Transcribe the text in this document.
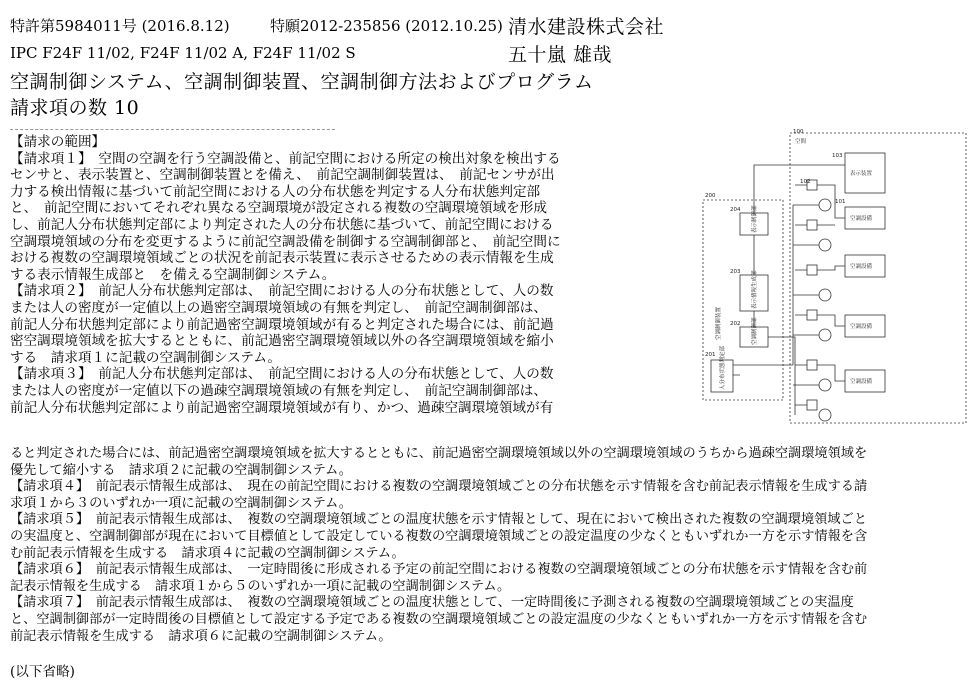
特許第5984011号 (2016.8.12)	特願2012-235856 (2012.10.25) 清水建設株式会社
IPC F24F 11/02, F24F 11/02 A, F24F 11/02 S	五十嵐 雄哉
空調制御システム、空調制御装置、空調制御方法およびプログラム
請求項の数 10

【請求の範囲】

【請求項１】　空間の空調を行う空調設備と、前記空間における所定の検出対象を検出する

センサと、表示装置と、空調制御装置とを備え、　前記空調制御装置は、　前記センサが出

力する検出情報に基づいて前記空間における人の分布状態を判定する人分布状態判定部

と、　前記空間においてそれぞれ異なる空調環境が設定される複数の空調環境領域を形成

し、前記人分布状態判定部により判定された人の分布状態に基づいて、前記空間における

空調環境領域の分布を変更するように前記空調設備を制御する空調制御部と、　前記空間に

おける複数の空調環境領域ごとの状況を前記表示装置に表示させるための表示情報を生成

する表示情報生成部と　を備える空調制御システム。

【請求項２】　前記人分布状態判定部は、　前記空間における人の分布状態として、人の数

または人の密度が一定値以上の過密空調環境領域の有無を判定し、　前記空調制御部は、

前記人分布状態判定部により前記過密空調環境領域が有ると判定された場合には、前記過

密空調環境領域を拡大するとともに、前記過密空調環境領域以外の各空調環境領域を縮小

する　請求項１に記載の空調制御システム。

【請求項３】　前記人分布状態判定部は、　前記空間における人の分布状態として、人の数

または人の密度が一定値以下の過疎空調環境領域の有無を判定し、　前記空調制御部は、

前記人分布状態判定部により前記過密空調環境領域が有り、かつ、過疎空調環境領域が有

ると判定された場合には、前記過密空調環境領域を拡大するとともに、前記過密空調環境領域以外の空調環境領域のうちから過疎空調環境領域を

優先して縮小する　請求項２に記載の空調制御システム。

【請求項４】　前記表示情報生成部は、　現在の前記空間における複数の空調環境領域ごとの分布状態を示す情報を含む前記表示情報を生成する請

求項１から３のいずれか一項に記載の空調制御システム。

【請求項５】　前記表示情報生成部は、　複数の空調環境領域ごとの温度状態を示す情報として、現在において検出された複数の空調環境領域ごと

の実温度と、空調制御部が現在において目標値として設定している複数の空調環境領域ごとの設定温度の少なくともいずれか一方を示す情報を含

む前記表示情報を生成する　請求項４に記載の空調制御システム。

【請求項６】　前記表示情報生成部は、　一定時間後に形成される予定の前記空間における複数の空調環境領域ごとの分布状態を示す情報を含む前

記表示情報を生成する　請求項１から５のいずれか一項に記載の空調制御システム。

【請求項７】　前記表示情報生成部は、　複数の空調環境領域ごとの温度状態として、一定時間後に予測される複数の空調環境領域ごとの実温度

と、空調制御部が一定時間後の目標値として設定する予定である複数の空調環境領域ごとの設定温度の少なくともいずれか一方を示す情報を含む

前記表示情報を生成する　請求項６に記載の空調制御システム。

(以下省略)
100
空間
103
200
201
202
203
204
102
101
表示装置
空調設備
空調設備
空調設備
空調設備
空調制御装置
人分布状態判定部
空調制御部
表示情報生成部
表示制御部
